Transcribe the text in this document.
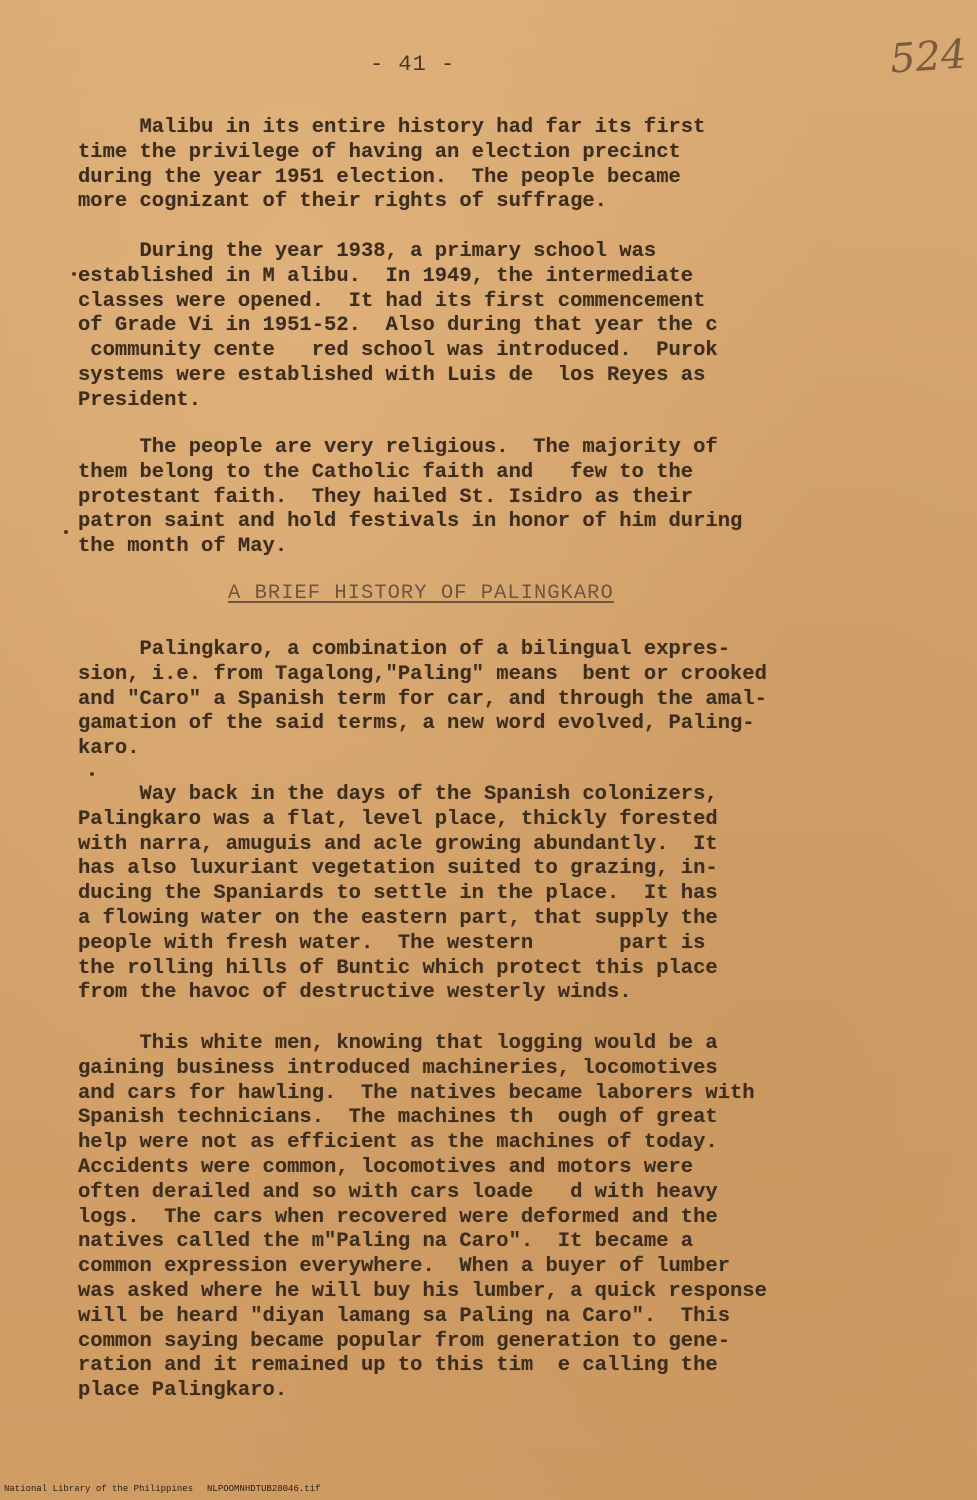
- 41 -	524

Malibu in its entire history had far its first
time the privilege of having an election precinct
during the year 1951 election.  The people became
more cognizant of their rights of suffrage.

During the year 1938, a primary school was
established in M alibu.  In 1949, the intermediate
classes were opened.  It had its first commencement
of Grade Vi in 1951-52.  Also during that year the c
community cente   red school was introduced.  Purok
systems were established with Luis de  los Reyes as
President.

The people are very religious.  The majority of
them belong to the Catholic faith and   few to the
protestant faith.  They hailed St. Isidro as their
patron saint and hold festivals in honor of him during
the month of May.

A BRIEF HISTORY OF PALINGKARO

Palingkaro, a combination of a bilingual expres-
sion, i.e. from Tagalong,"Paling" means  bent or crooked
and "Caro" a Spanish term for car, and through the amal-
gamation of the said terms, a new word evolved, Paling-
karo.

Way back in the days of the Spanish colonizers,
Palingkaro was a flat, level place, thickly forested
with narra, amuguis and acle growing abundantly.  It
has also luxuriant vegetation suited to grazing, in-
ducing the Spaniards to settle in the place.  It has
a flowing water on the eastern part, that supply the
people with fresh water.  The western       part is
the rolling hills of Buntic which protect this place
from the havoc of destructive westerly winds.

This white men, knowing that logging would be a
gaining business introduced machineries, locomotives
and cars for hawling.  The natives became laborers with
Spanish technicians.  The machines th  ough of great
help were not as efficient as the machines of today.
Accidents were common, locomotives and motors were
often derailed and so with cars loade   d with heavy
logs.  The cars when recovered were deformed and the
natives called the m"Paling na Caro".  It became a
common expression everywhere.  When a buyer of lumber
was asked where he will buy his lumber, a quick response
will be heard "diyan lamang sa Paling na Caro".  This
common saying became popular from generation to gene-
ration and it remained up to this tim  e calling the
place Palingkaro.

National Library of the Philippines NLPOOMNHDTUB28046.tif
